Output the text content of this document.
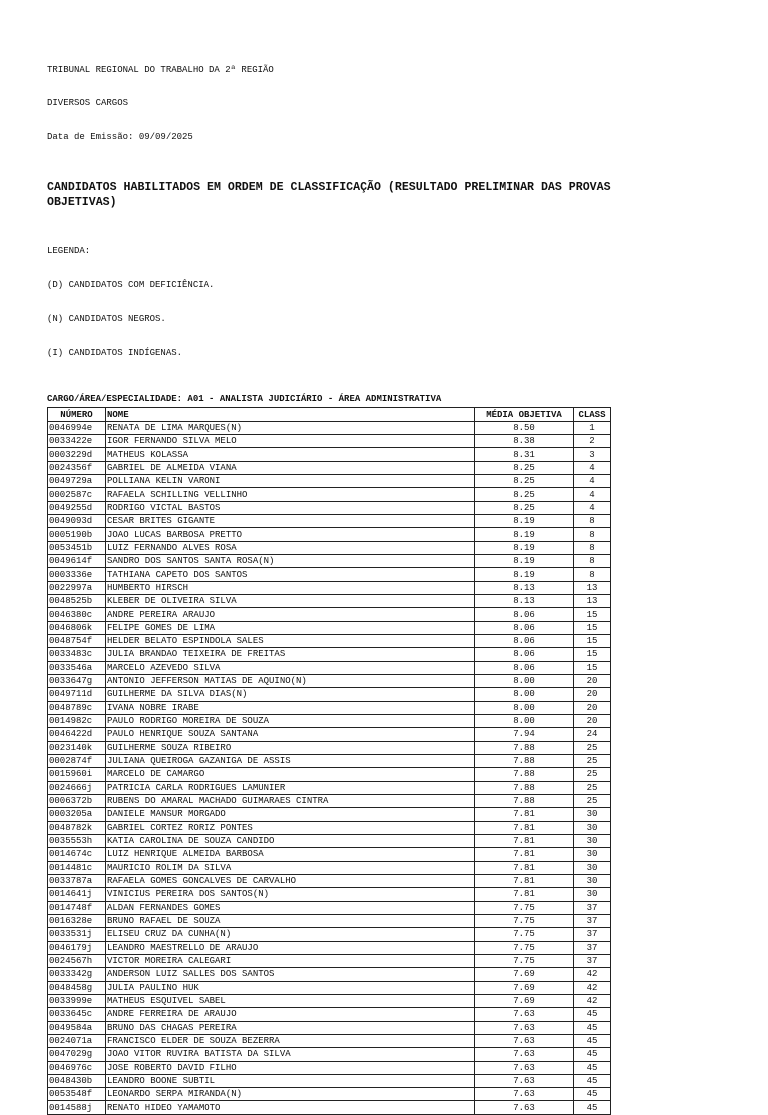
TRIBUNAL REGIONAL DO TRABALHO DA 2ª REGIÃO

DIVERSOS CARGOS

Data de Emissão: 09/09/2025

CANDIDATOS HABILITADOS EM ORDEM DE CLASSIFICAÇÃO (RESULTADO PRELIMINAR DAS PROVAS OBJETIVAS)

LEGENDA:

(D) CANDIDATOS COM DEFICIÊNCIA.

(N) CANDIDATOS NEGROS.

(I) CANDIDATOS INDÍGENAS.

CARGO/ÁREA/ESPECIALIDADE: A01 - ANALISTA JUDICIÁRIO - ÁREA ADMINISTRATIVA
NÚMERO	NOME	MÉDIA OBJETIVA	CLASS
0046994e	RENATA DE LIMA MARQUES(N)	8.50	1
0033422e	IGOR FERNANDO SILVA MELO	8.38	2
0003229d	MATHEUS KOLASSA	8.31	3
0024356f	GABRIEL DE ALMEIDA VIANA	8.25	4
0049729a	POLLIANA KELIN VARONI	8.25	4
0002587c	RAFAELA SCHILLING VELLINHO	8.25	4
0049255d	RODRIGO VICTAL BASTOS	8.25	4
0049093d	CESAR BRITES GIGANTE	8.19	8
0005190b	JOAO LUCAS BARBOSA PRETTO	8.19	8
0053451b	LUIZ FERNANDO ALVES ROSA	8.19	8
0049614f	SANDRO DOS SANTOS SANTA ROSA(N)	8.19	8
0003336e	TATHIANA CAPETO DOS SANTOS	8.19	8
0022997a	HUMBERTO HIRSCH	8.13	13
0048525b	KLEBER DE OLIVEIRA SILVA	8.13	13
0046380c	ANDRE PEREIRA ARAUJO	8.06	15
0046806k	FELIPE GOMES DE LIMA	8.06	15
0048754f	HELDER BELATO ESPINDOLA SALES	8.06	15
0033483c	JULIA BRANDAO TEIXEIRA DE FREITAS	8.06	15
0033546a	MARCELO AZEVEDO SILVA	8.06	15
0033647g	ANTONIO JEFFERSON MATIAS DE AQUINO(N)	8.00	20
0049711d	GUILHERME DA SILVA DIAS(N)	8.00	20
0048789c	IVANA NOBRE IRABE	8.00	20
0014982c	PAULO RODRIGO MOREIRA DE SOUZA	8.00	20
0046422d	PAULO HENRIQUE SOUZA SANTANA	7.94	24
0023140k	GUILHERME SOUZA RIBEIRO	7.88	25
0002874f	JULIANA QUEIROGA GAZANIGA DE ASSIS	7.88	25
0015960i	MARCELO DE CAMARGO	7.88	25
0024666j	PATRICIA CARLA RODRIGUES LAMUNIER	7.88	25
0006372b	RUBENS DO AMARAL MACHADO GUIMARAES CINTRA	7.88	25
0003205a	DANIELE MANSUR MORGADO	7.81	30
0048782k	GABRIEL CORTEZ RORIZ PONTES	7.81	30
0035553h	KATIA CAROLINA DE SOUZA CANDIDO	7.81	30
0014674c	LUIZ HENRIQUE ALMEIDA BARBOSA	7.81	30
0014481c	MAURICIO ROLIM DA SILVA	7.81	30
0033787a	RAFAELA GOMES GONCALVES DE CARVALHO	7.81	30
0014641j	VINICIUS PEREIRA DOS SANTOS(N)	7.81	30
0014748f	ALDAN FERNANDES GOMES	7.75	37
0016328e	BRUNO RAFAEL DE SOUZA	7.75	37
0033531j	ELISEU CRUZ DA CUNHA(N)	7.75	37
0046179j	LEANDRO MAESTRELLO DE ARAUJO	7.75	37
0024567h	VICTOR MOREIRA CALEGARI	7.75	37
0033342g	ANDERSON LUIZ SALLES DOS SANTOS	7.69	42
0048458g	JULIA PAULINO HUK	7.69	42
0033999e	MATHEUS ESQUIVEL SABEL	7.69	42
0033645c	ANDRE FERREIRA DE ARAUJO	7.63	45
0049584a	BRUNO DAS CHAGAS PEREIRA	7.63	45
0024071a	FRANCISCO ELDER DE SOUZA BEZERRA	7.63	45
0047029g	JOAO VITOR RUVIRA BATISTA DA SILVA	7.63	45
0046976c	JOSE ROBERTO DAVID FILHO	7.63	45
0048430b	LEANDRO BOONE SUBTIL	7.63	45
0053548f	LEONARDO SERPA MIRANDA(N)	7.63	45
0014588j	RENATO HIDEO YAMAMOTO	7.63	45
